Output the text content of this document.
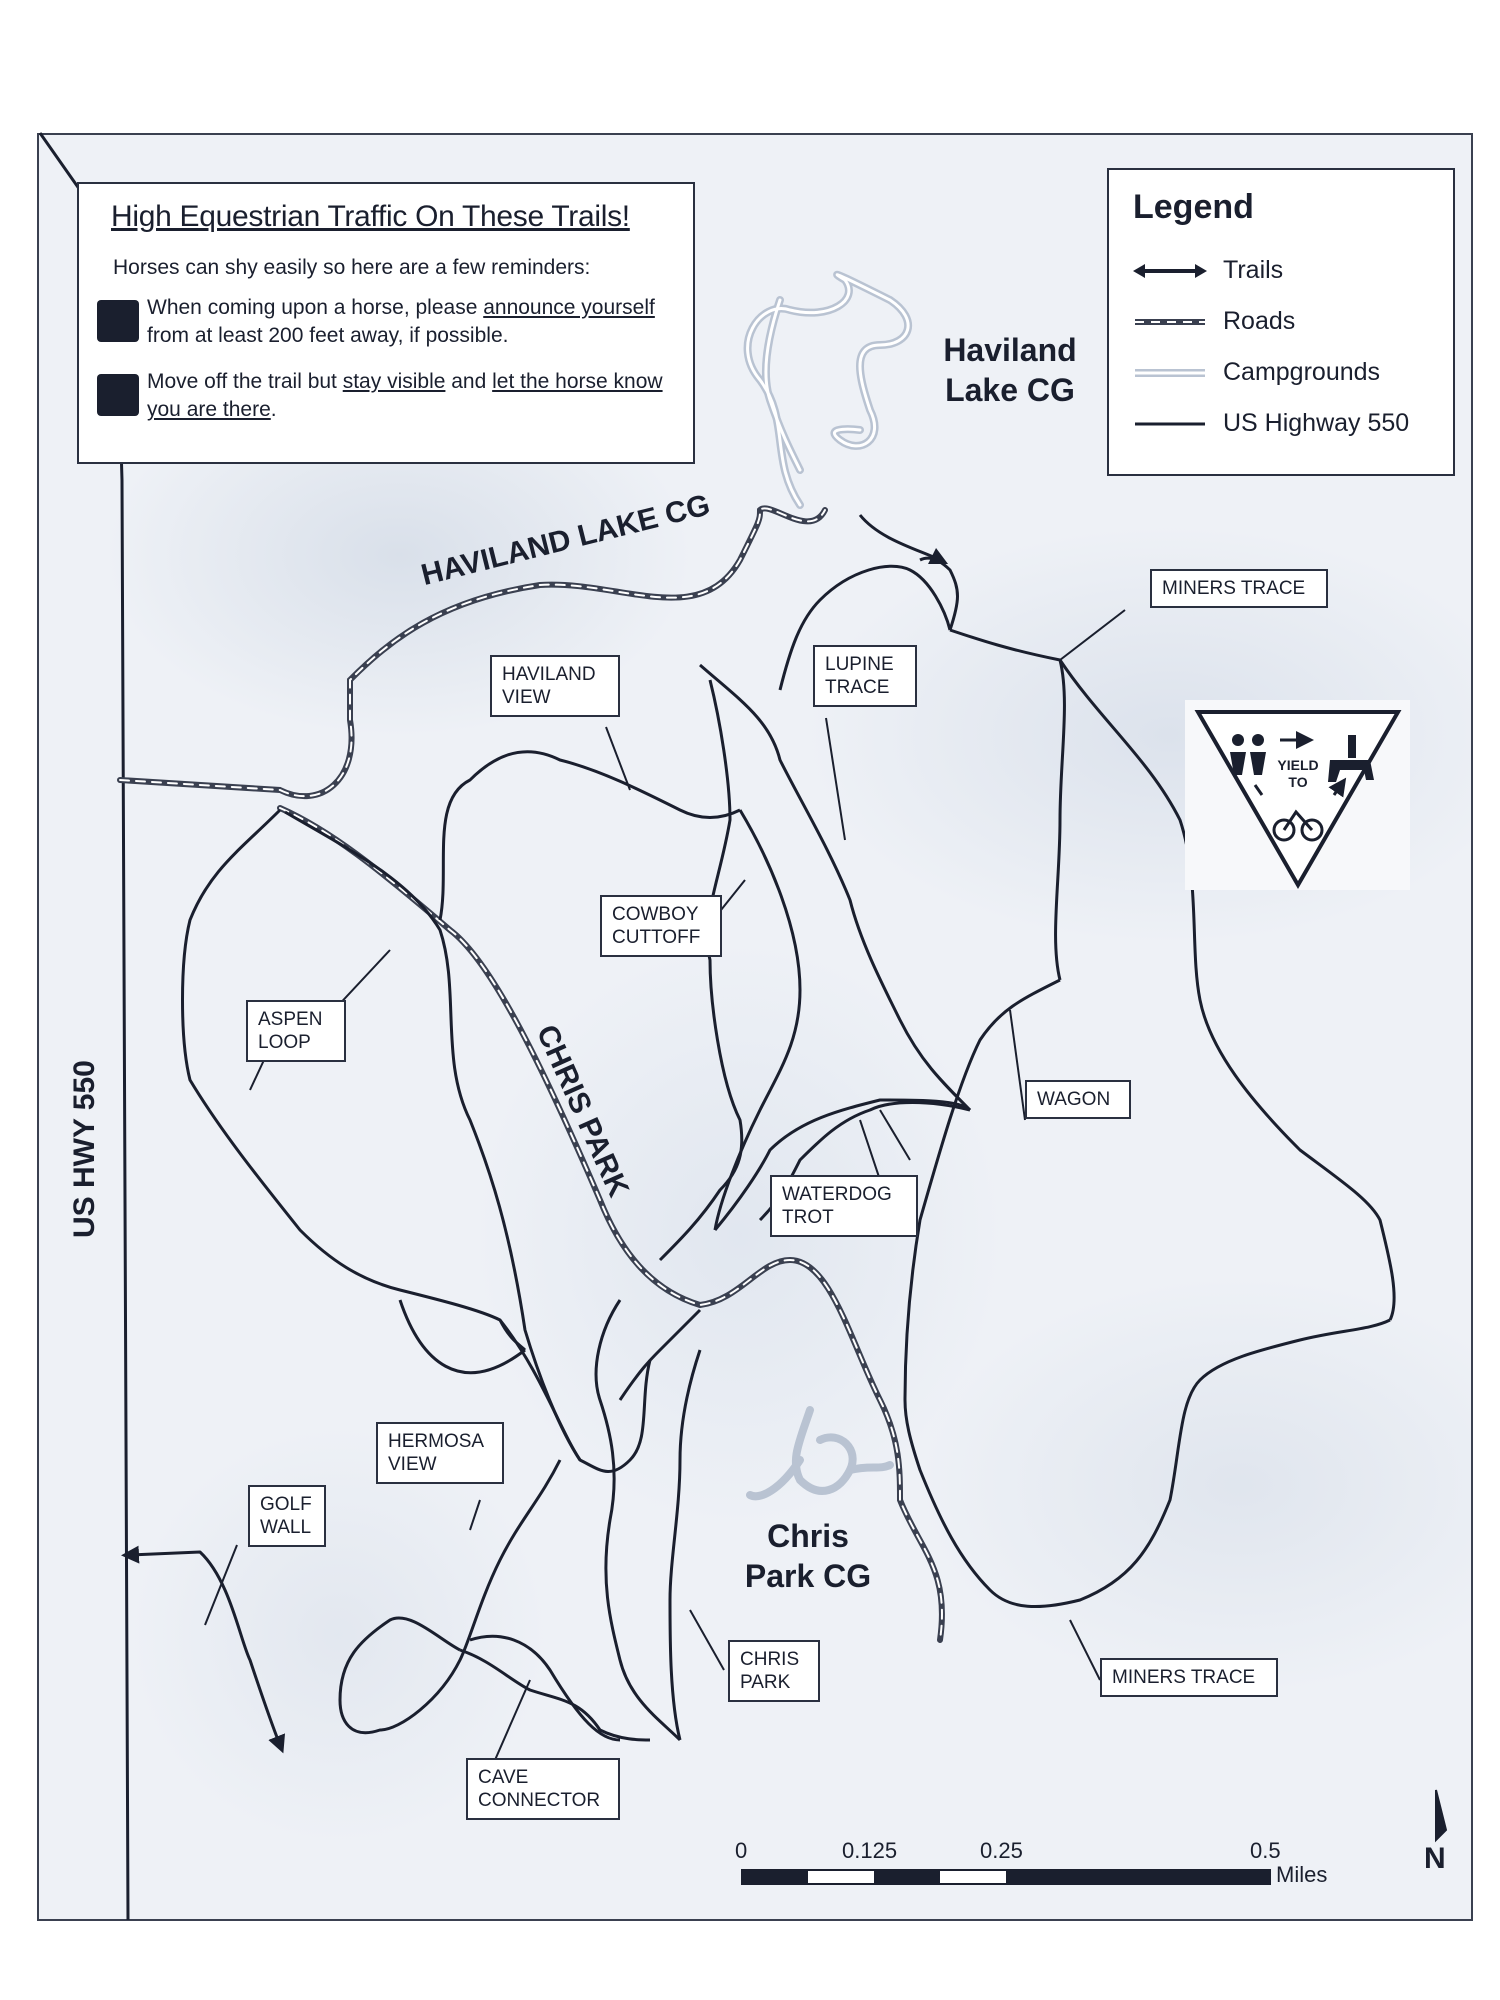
YIELD
TO
High Equestrian Traffic On These Trails!
Horses can shy easily so here are a few reminders:
When coming upon a horse, please announce yourself from at least 200 feet away, if possible.
Move off the trail but stay visible and let the horse know you are there.
Legend
Trails
Roads
Campgrounds
US Highway 550
Haviland
Lake CG
Chris
Park CG
HAVILAND LAKE CG
CHRIS PARK
US HWY 550
MINERS TRACE
LUPINE
TRACE
HAVILAND
VIEW
COWBOY
CUTTOFF
ASPEN
LOOP
WAGON
WATERDOG
TROT
HERMOSA
VIEW
GOLF
WALL
CHRIS
PARK	MINERS TRACE
CAVE
CONNECTOR
0	0.125	0.25	0.5
Miles	N
